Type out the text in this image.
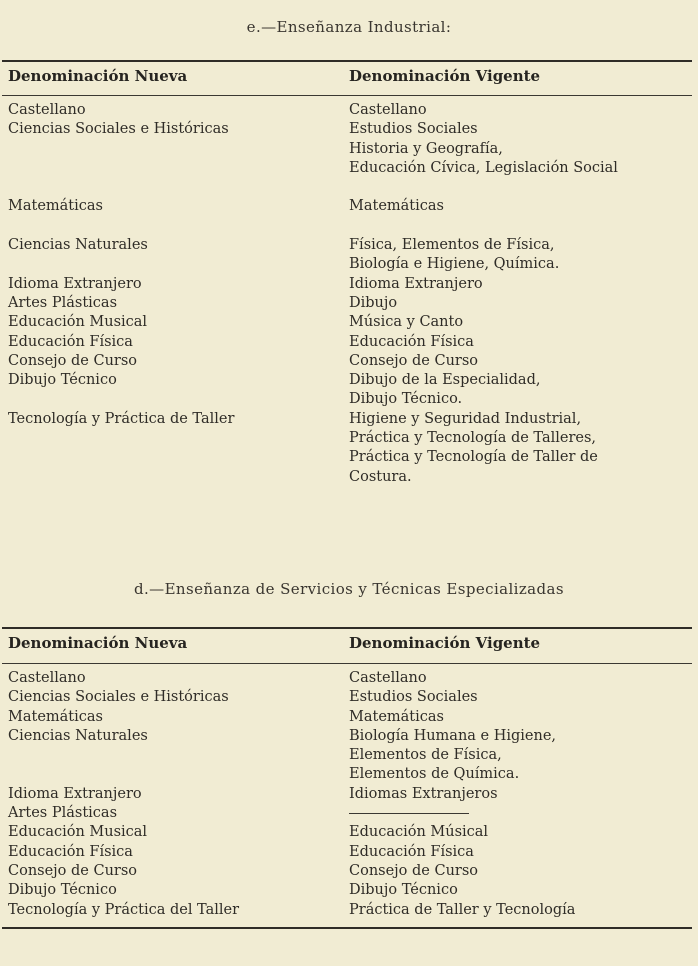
e.—Enseñanza Industrial:
Denominación Nueva	Denominación Vigente
Castellano
Ciencias Sociales e Históricas

Matemáticas

Ciencias Naturales

Idioma Extranjero
Artes Plásticas
Educación Musical
Educación Física
Consejo de Curso
Dibujo Técnico

Tecnología y Práctica de Taller
Castellano
Estudios Sociales
Historia y Geografía,
Educación Cívica, Legislación Social

Matemáticas

Física, Elementos de Física,
Biología e Higiene, Química.
Idioma Extranjero
Dibujo
Música y Canto
Educación Física
Consejo de Curso
Dibujo de la Especialidad,
Dibujo Técnico.
Higiene y Seguridad Industrial,
Práctica y Tecnología de Talleres,
Práctica y Tecnología de Taller de
Costura.
d.—Enseñanza de Servicios y Técnicas Especializadas
Denominación Nueva	Denominación Vigente
Castellano
Ciencias Sociales e Históricas
Matemáticas
Ciencias Naturales

Idioma Extranjero
Artes Plásticas
Educación Musical
Educación Física
Consejo de Curso
Dibujo Técnico
Tecnología y Práctica del Taller
Castellano
Estudios Sociales
Matemáticas
Biología Humana e Higiene,
Elementos de Física,
Elementos de Química.
Idiomas Extranjeros
Educación Músical
Educación Física
Consejo de Curso
Dibujo Técnico
Práctica de Taller y Tecnología
